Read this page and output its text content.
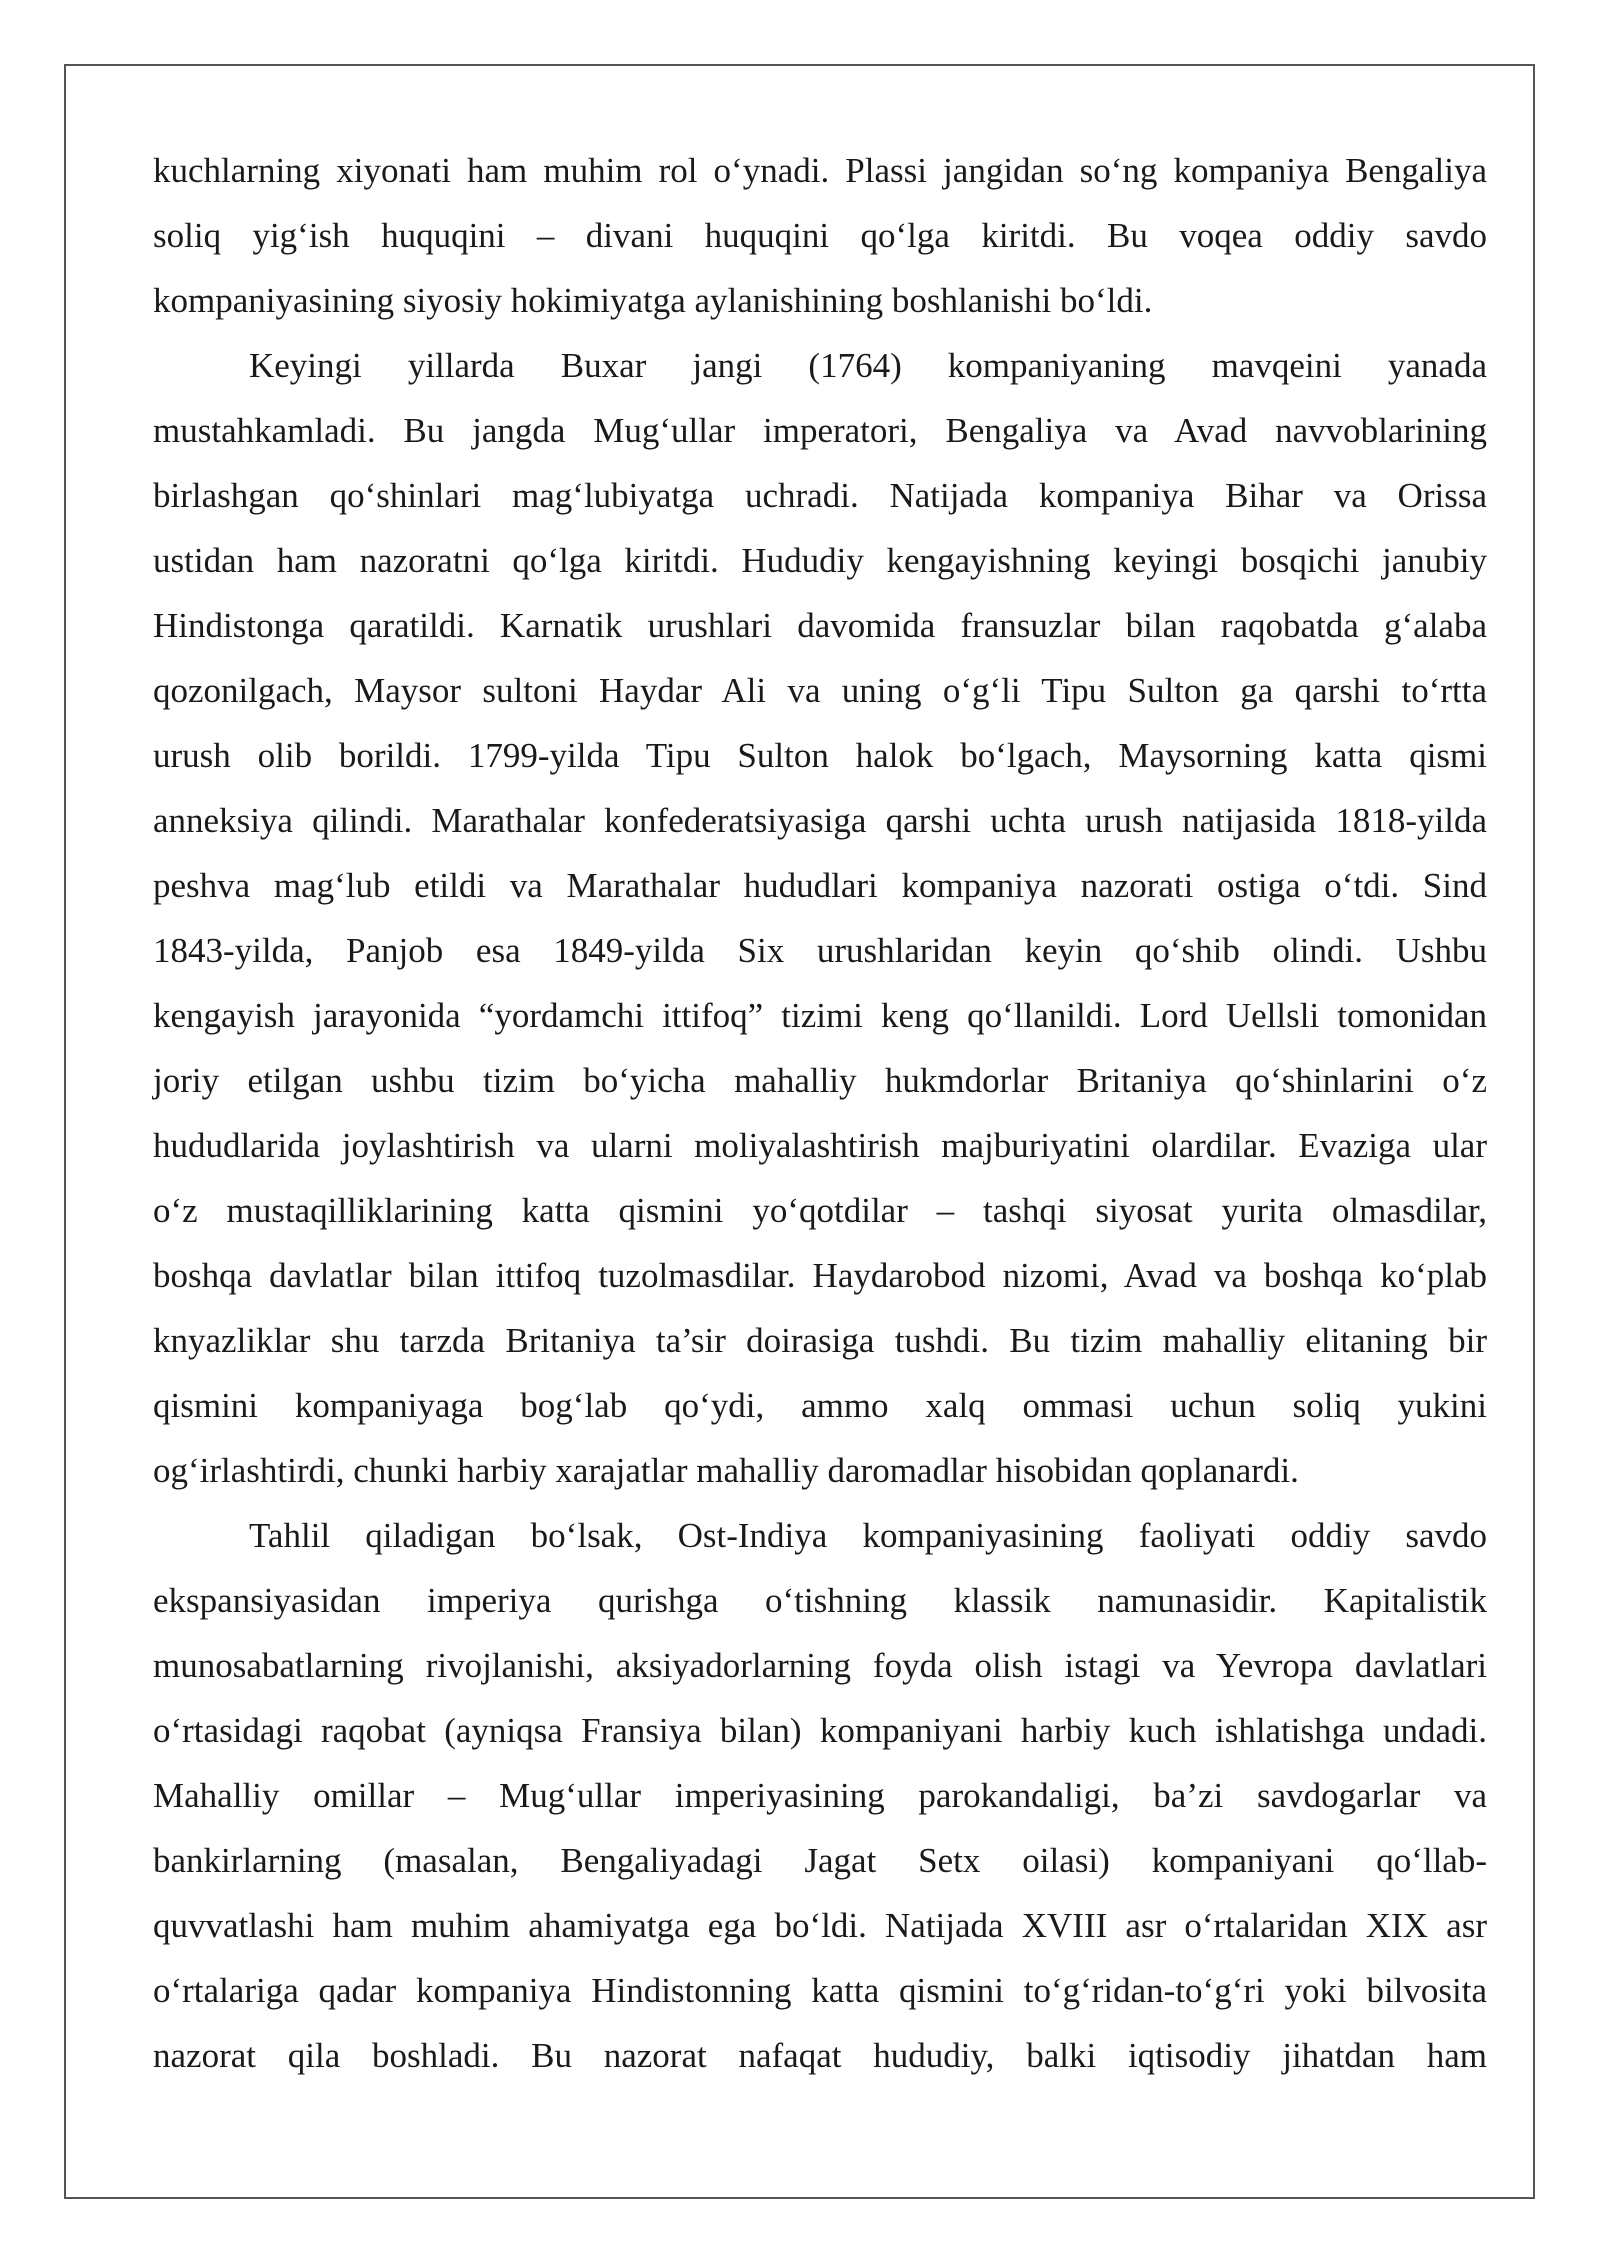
kuchlarning xiyonati ham muhim rol o‘ynadi. Plassi jangidan so‘ng kompaniya Bengaliya
soliq yig‘ish huquqini – divani huquqini qo‘lga kiritdi. Bu voqea oddiy savdo
kompaniyasining siyosiy hokimiyatga aylanishining boshlanishi bo‘ldi.
Keyingi yillarda Buxar jangi (1764) kompaniyaning mavqeini yanada
mustahkamladi. Bu jangda Mug‘ullar imperatori, Bengaliya va Avad navvoblarining
birlashgan qo‘shinlari mag‘lubiyatga uchradi. Natijada kompaniya Bihar va Orissa
ustidan ham nazoratni qo‘lga kiritdi. Hududiy kengayishning keyingi bosqichi janubiy
Hindistonga qaratildi. Karnatik urushlari davomida fransuzlar bilan raqobatda g‘alaba
qozonilgach, Maysor sultoni Haydar Ali va uning o‘g‘li Tipu Sulton ga qarshi to‘rtta
urush olib borildi. 1799-yilda Tipu Sulton halok bo‘lgach, Maysorning katta qismi
anneksiya qilindi. Marathalar konfederatsiyasiga qarshi uchta urush natijasida 1818-yilda
peshva mag‘lub etildi va Marathalar hududlari kompaniya nazorati ostiga o‘tdi. Sind
1843-yilda, Panjob esa 1849-yilda Six urushlaridan keyin qo‘shib olindi. Ushbu
kengayish jarayonida “yordamchi ittifoq” tizimi keng qo‘llanildi. Lord Uellsli tomonidan
joriy etilgan ushbu tizim bo‘yicha mahalliy hukmdorlar Britaniya qo‘shinlarini o‘z
hududlarida joylashtirish va ularni moliyalashtirish majburiyatini olardilar. Evaziga ular
o‘z mustaqilliklarining katta qismini yo‘qotdilar – tashqi siyosat yurita olmasdilar,
boshqa davlatlar bilan ittifoq tuzolmasdilar. Haydarobod nizomi, Avad va boshqa ko‘plab
knyazliklar shu tarzda Britaniya ta’sir doirasiga tushdi. Bu tizim mahalliy elitaning bir
qismini kompaniyaga bog‘lab qo‘ydi, ammo xalq ommasi uchun soliq yukini
og‘irlashtirdi, chunki harbiy xarajatlar mahalliy daromadlar hisobidan qoplanardi.
Tahlil qiladigan bo‘lsak, Ost-Indiya kompaniyasining faoliyati oddiy savdo
ekspansiyasidan imperiya qurishga o‘tishning klassik namunasidir. Kapitalistik
munosabatlarning rivojlanishi, aksiyadorlarning foyda olish istagi va Yevropa davlatlari
o‘rtasidagi raqobat (ayniqsa Fransiya bilan) kompaniyani harbiy kuch ishlatishga undadi.
Mahalliy omillar – Mug‘ullar imperiyasining parokandaligi, ba’zi savdogarlar va
bankirlarning (masalan, Bengaliyadagi Jagat Setx oilasi) kompaniyani qo‘llab-
quvvatlashi ham muhim ahamiyatga ega bo‘ldi. Natijada XVIII asr o‘rtalaridan XIX asr
o‘rtalariga qadar kompaniya Hindistonning katta qismini to‘g‘ridan-to‘g‘ri yoki bilvosita
nazorat qila boshladi. Bu nazorat nafaqat hududiy, balki iqtisodiy jihatdan ham
